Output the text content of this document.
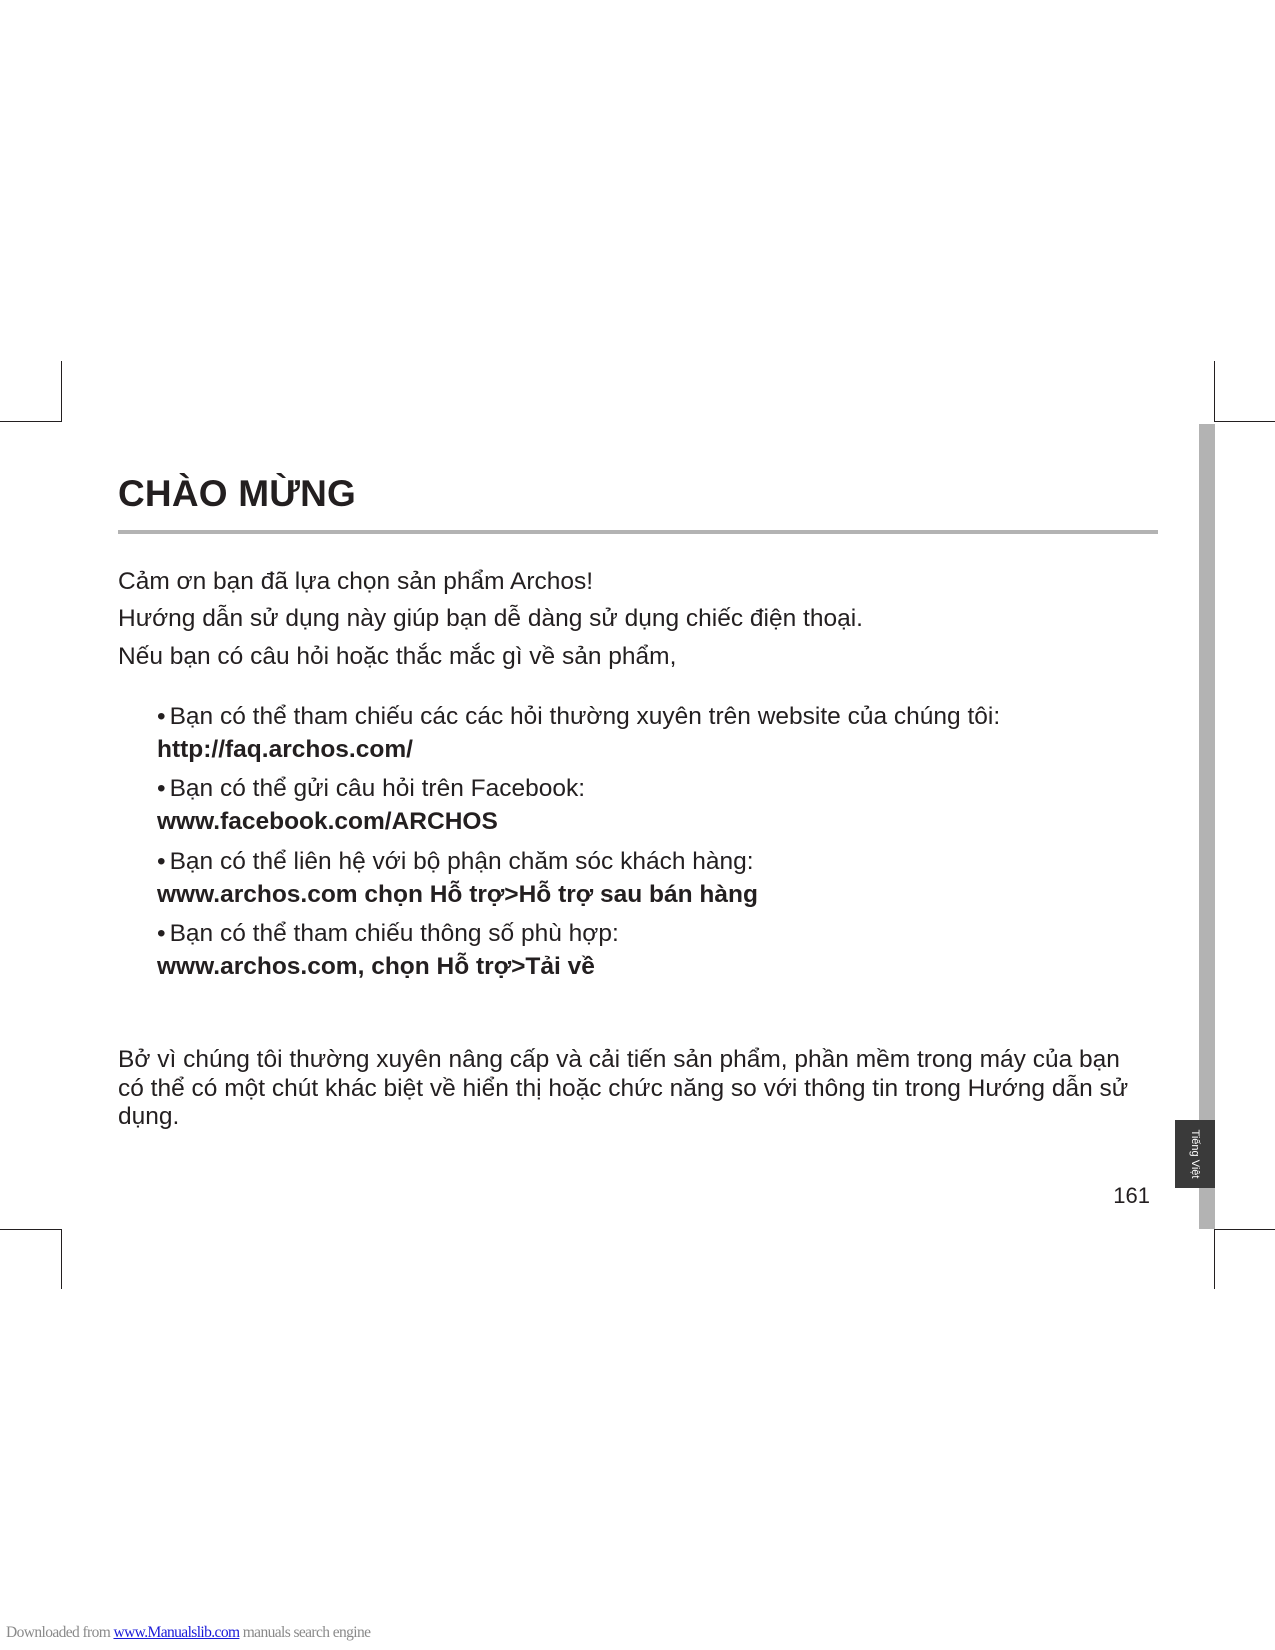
Tiếng Việt
CHÀO MỪNG

Cảm ơn bạn đã lựa chọn sản phẩm Archos!

Hướng dẫn sử dụng này giúp bạn dễ dàng sử dụng chiếc điện thoại.

Nếu bạn có câu hỏi hoặc thắc mắc gì về sản phẩm,

• Bạn có thể tham chiếu các các hỏi thường xuyên trên website của chúng tôi:
http://faq.archos.com/
• Bạn có thể gửi câu hỏi trên Facebook:
www.facebook.com/ARCHOS
• Bạn có thể liên hệ với bộ phận chăm sóc khách hàng:
www.archos.com chọn Hỗ trợ>Hỗ trợ sau bán hàng
• Bạn có thể tham chiếu thông số phù hợp:
www.archos.com, chọn Hỗ trợ>Tải về

Bở vì chúng tôi thường xuyên nâng cấp và cải tiến sản phẩm, phần mềm trong máy của bạn có thể có một chút khác biệt về hiển thị hoặc chức năng so với thông tin trong Hướng dẫn sử dụng.

161
Downloaded from www.Manualslib.com manuals search engine
